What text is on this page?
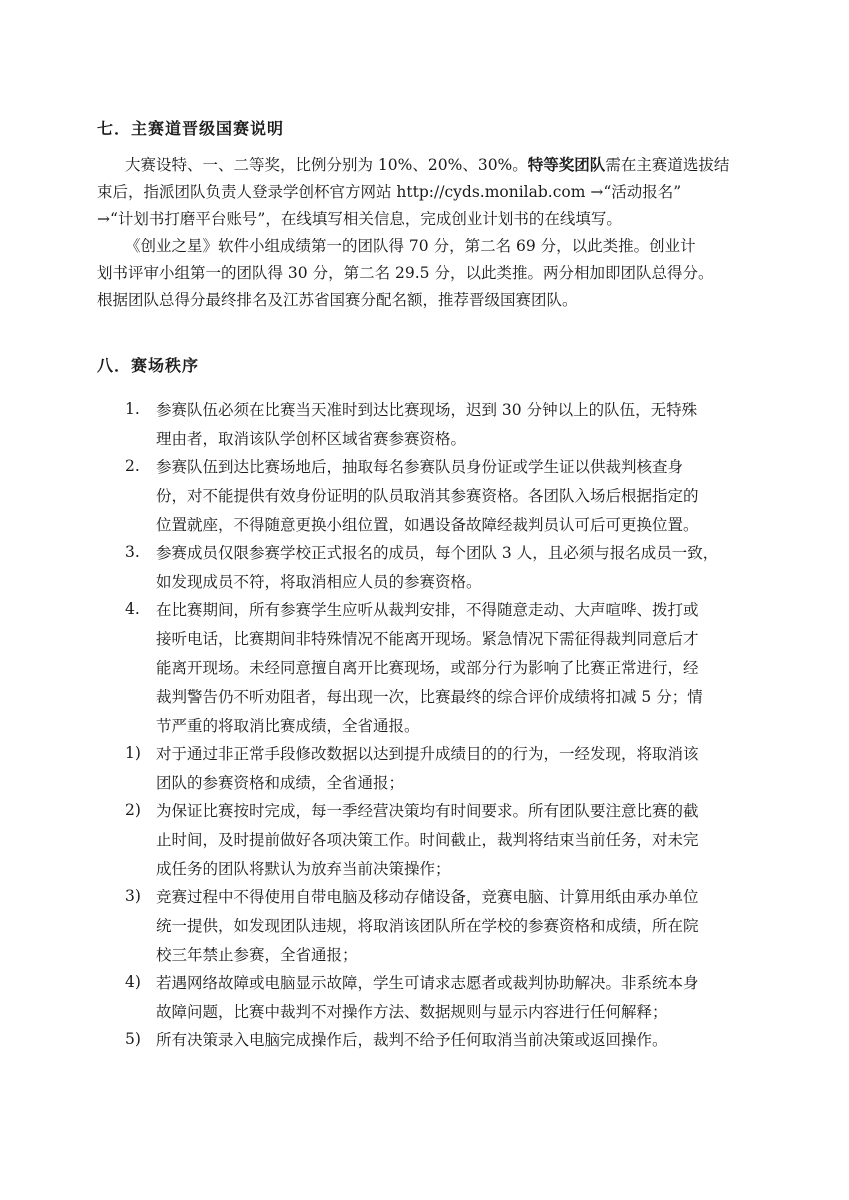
七．主赛道晋级国赛说明
大赛设特、一、二等奖，比例分别为 10%、20%、30%。特等奖团队需在主赛道选拔结
束后，指派团队负责人登录学创杯官方网站 http://cyds.monilab.com →“活动报名”
→“计划书打磨平台账号”，在线填写相关信息，完成创业计划书的在线填写。
《创业之星》软件小组成绩第一的团队得 70 分，第二名 69 分，以此类推。创业计
划书评审小组第一的团队得 30 分，第二名 29.5 分，以此类推。两分相加即团队总得分。
根据团队总得分最终排名及江苏省国赛分配名额，推荐晋级国赛团队。
八．赛场秩序
1.	参赛队伍必须在比赛当天准时到达比赛现场，迟到 30 分钟以上的队伍，无特殊
理由者，取消该队学创杯区域省赛参赛资格。
2.	参赛队伍到达比赛场地后，抽取每名参赛队员身份证或学生证以供裁判核查身
份，对不能提供有效身份证明的队员取消其参赛资格。各团队入场后根据指定的
位置就座，不得随意更换小组位置，如遇设备故障经裁判员认可后可更换位置。
3.	参赛成员仅限参赛学校正式报名的成员，每个团队 3 人，且必须与报名成员一致，
如发现成员不符，将取消相应人员的参赛资格。
4.	在比赛期间，所有参赛学生应听从裁判安排，不得随意走动、大声喧哗、拨打或
接听电话，比赛期间非特殊情况不能离开现场。紧急情况下需征得裁判同意后才
能离开现场。未经同意擅自离开比赛现场，或部分行为影响了比赛正常进行，经
裁判警告仍不听劝阻者，每出现一次，比赛最终的综合评价成绩将扣减 5 分；情
节严重的将取消比赛成绩，全省通报。
1) 对于通过非正常手段修改数据以达到提升成绩目的的行为，一经发现，将取消该
团队的参赛资格和成绩，全省通报；
2) 为保证比赛按时完成，每一季经营决策均有时间要求。所有团队要注意比赛的截
止时间，及时提前做好各项决策工作。时间截止，裁判将结束当前任务，对未完
成任务的团队将默认为放弃当前决策操作；
3) 竞赛过程中不得使用自带电脑及移动存储设备，竞赛电脑、计算用纸由承办单位
统一提供，如发现团队违规，将取消该团队所在学校的参赛资格和成绩，所在院
校三年禁止参赛，全省通报；
4) 若遇网络故障或电脑显示故障，学生可请求志愿者或裁判协助解决。非系统本身
故障问题，比赛中裁判不对操作方法、数据规则与显示内容进行任何解释；
5) 所有决策录入电脑完成操作后，裁判不给予任何取消当前决策或返回操作。
